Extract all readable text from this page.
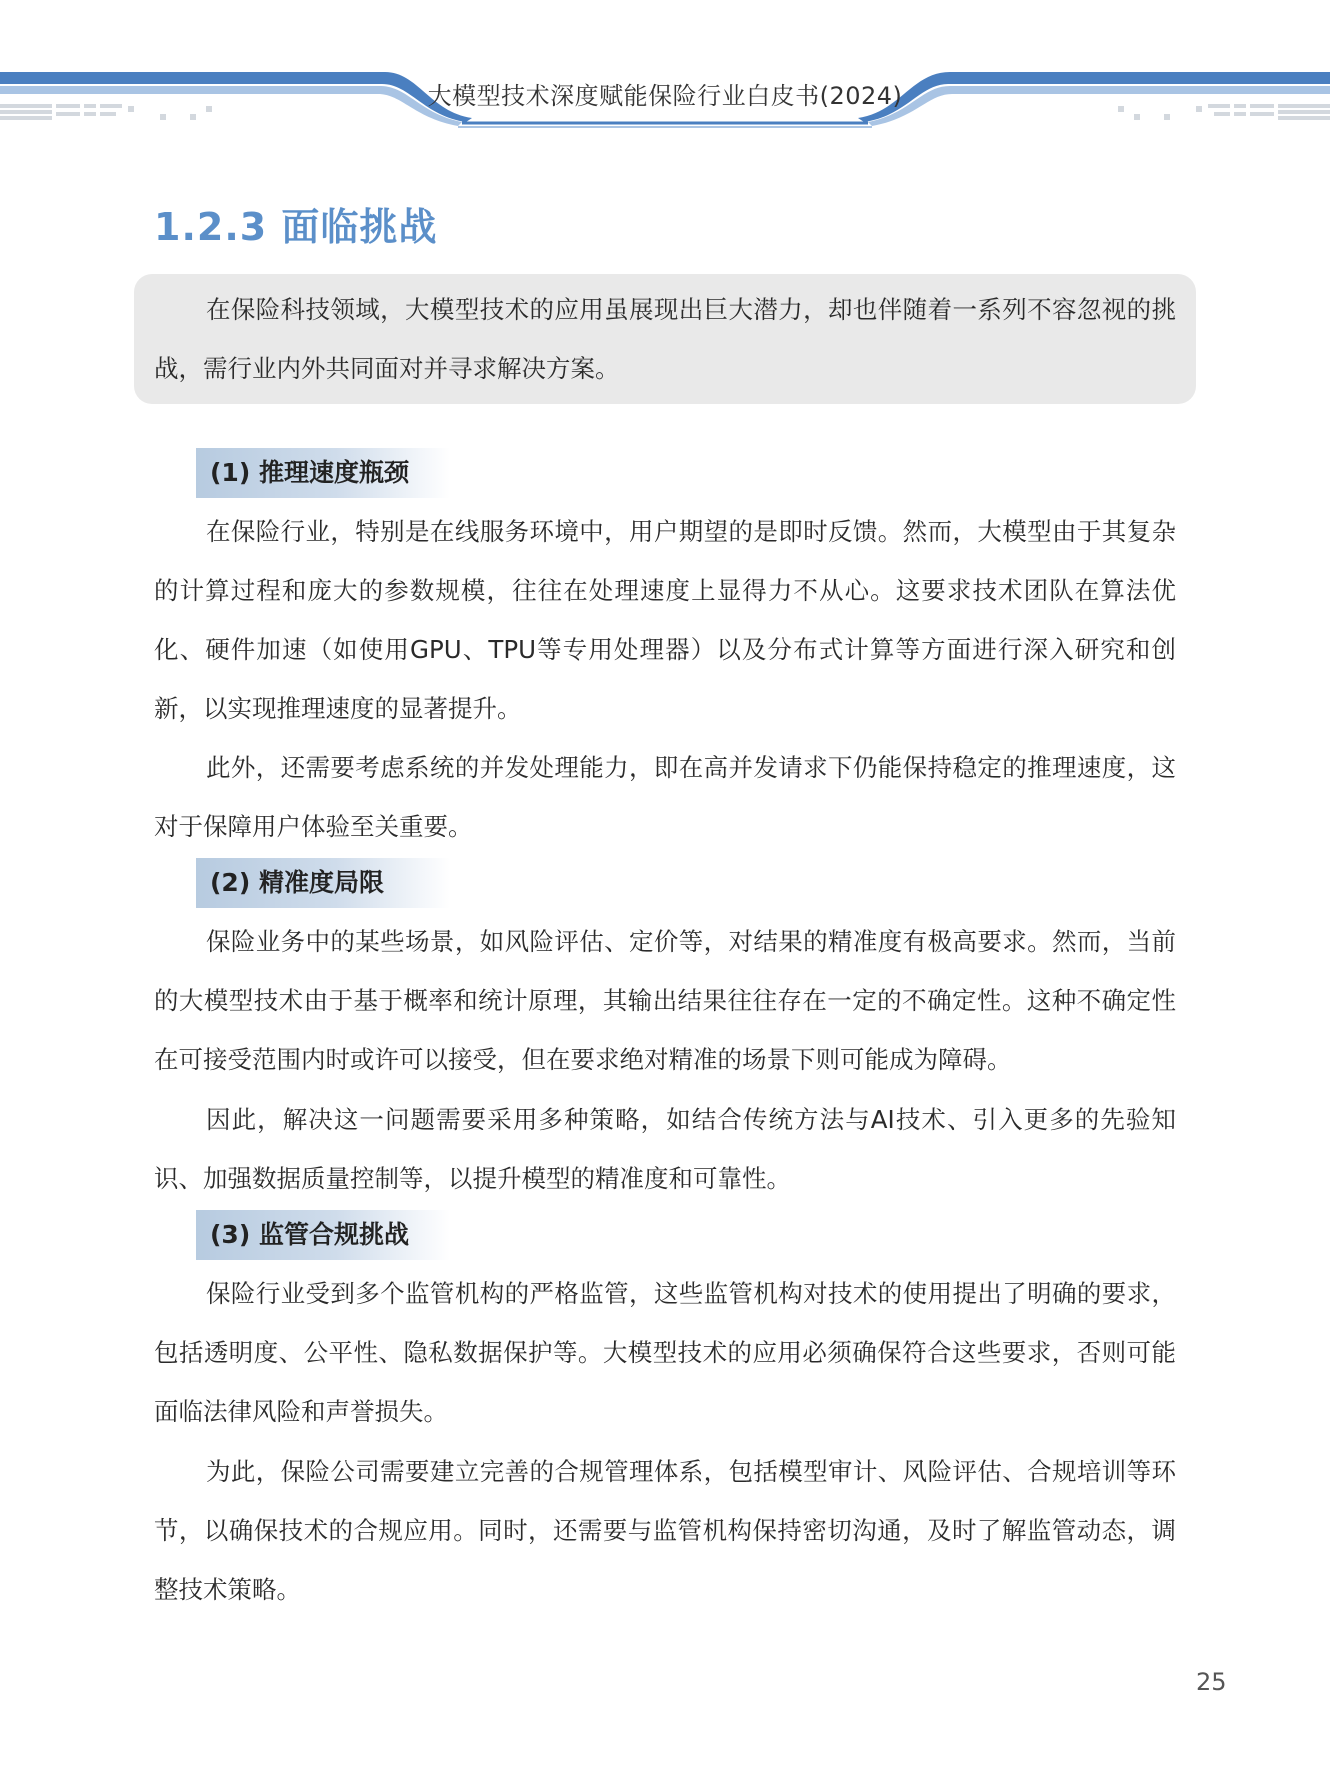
大模型技术深度赋能保险行业白皮书(2024)
1.2.3 面临挑战

在保险科技领域，大模型技术的应用虽展现出巨大潜力，却也伴随着一系列不容忽视的挑战，需行业内外共同面对并寻求解决方案。

(1) 推理速度瓶颈

在保险行业，特别是在线服务环境中，用户期望的是即时反馈。然而，大模型由于其复杂的计算过程和庞大的参数规模，往往在处理速度上显得力不从心。这要求技术团队在算法优化、硬件加速（如使用GPU、TPU等专用处理器）以及分布式计算等方面进行深入研究和创新，以实现推理速度的显著提升。

此外，还需要考虑系统的并发处理能力，即在高并发请求下仍能保持稳定的推理速度，这对于保障用户体验至关重要。

(2) 精准度局限

保险业务中的某些场景，如风险评估、定价等，对结果的精准度有极高要求。然而，当前的大模型技术由于基于概率和统计原理，其输出结果往往存在一定的不确定性。这种不确定性在可接受范围内时或许可以接受，但在要求绝对精准的场景下则可能成为障碍。

因此，解决这一问题需要采用多种策略，如结合传统方法与AI技术、引入更多的先验知识、加强数据质量控制等，以提升模型的精准度和可靠性。

(3) 监管合规挑战

保险行业受到多个监管机构的严格监管，这些监管机构对技术的使用提出了明确的要求，包括透明度、公平性、隐私数据保护等。大模型技术的应用必须确保符合这些要求，否则可能面临法律风险和声誉损失。

为此，保险公司需要建立完善的合规管理体系，包括模型审计、风险评估、合规培训等环节，以确保技术的合规应用。同时，还需要与监管机构保持密切沟通，及时了解监管动态，调整技术策略。

25
